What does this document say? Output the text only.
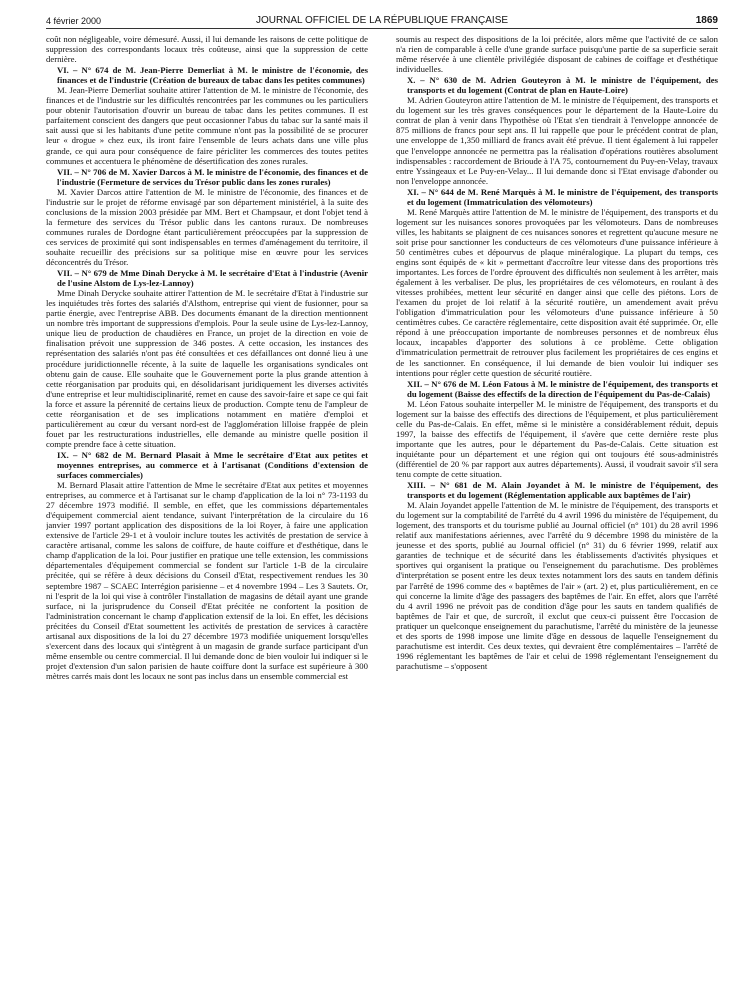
4 février 2000	JOURNAL OFFICIEL DE LA RÉPUBLIQUE FRANÇAISE	1869

coût non négligeable, voire démesuré. Aussi, il lui demande les raisons de cette politique de suppression des correspondants locaux très coûteuse, ainsi que la suppression de cette dernière.

VI. – N° 674 de M. Jean-Pierre Demerliat à M. le ministre de l'économie, des finances et de l'industrie (Création de bureaux de tabac dans les petites communes)

M. Jean-Pierre Demerliat souhaite attirer l'attention de M. le ministre de l'économie, des finances et de l'industrie sur les difficultés rencontrées par les communes ou les particuliers pour obtenir l'autorisation d'ouvrir un bureau de tabac dans les petites communes. Il est parfaitement conscient des dangers que peut occasionner l'abus du tabac sur la santé mais il sait aussi que si les habitants d'une petite commune n'ont pas la possibilité de se procurer leur « drogue » chez eux, ils iront faire l'ensemble de leurs achats dans une ville plus grande, ce qui aura pour conséquence de faire péricliter les commerces des toutes petites communes et accentuera le phénomène de désertification des zones rurales.

VII. – N° 706 de M. Xavier Darcos à M. le ministre de l'économie, des finances et de l'industrie (Fermeture de services du Trésor public dans les zones rurales)

M. Xavier Darcos attire l'attention de M. le ministre de l'économie, des finances et de l'industrie sur le projet de réforme envisagé par son département ministériel, à la suite des conclusions de la mission 2003 présidée par MM. Bert et Champsaur, et dont l'objet tend à la fermeture des services du Trésor public dans les cantons ruraux. De nombreuses communes rurales de Dordogne étant particulièrement préoccupées par la suppression de ces services de proximité qui sont indispensables en termes d'aménagement du territoire, il souhaite recueillir des précisions sur sa politique mise en œuvre pour les services déconcentrés du Trésor.

VII. – N° 679 de Mme Dinah Derycke à M. le secrétaire d'Etat à l'industrie (Avenir de l'usine Alstom de Lys-lez-Lannoy)

Mme Dinah Derycke souhaite attirer l'attention de M. le secrétaire d'Etat à l'industrie sur les inquiétudes très fortes des salariés d'Alsthom, entreprise qui vient de fusionner, pour sa partie énergie, avec l'entreprise ABB. Des documents émanant de la direction mentionnent un nombre très important de suppressions d'emplois. Pour la seule usine de Lys-lez-Lannoy, unique lieu de production de chaudières en France, un projet de la direction en voie de finalisation prévoit une suppression de 346 postes. A cette occasion, les instances des représentation des salariés n'ont pas été consultées et ces défaillances ont donné lieu à une procédure juridictionnelle récente, à la suite de laquelle les organisations syndicales ont obtenu gain de cause. Elle souhaite que le Gouvernement porte la plus grande attention à cette réorganisation par produits qui, en désolidarisant juridiquement les diverses activités d'une entreprise et leur multidisciplinarité, remet en cause des savoir-faire et sape ce qui fait la force et assure la pérennité de certains lieux de production. Compte tenu de l'ampleur de cette réorganisation et de ses implications notamment en matière d'emploi et particulièrement au cœur du versant nord-est de l'agglomération lilloise frappée de plein fouet par les restructurations industrielles, elle demande au ministre quelle position il compte prendre face à cette situation.

IX. – N° 682 de M. Bernard Plasait à Mme le secrétaire d'Etat aux petites et moyennes entreprises, au commerce et à l'artisanat (Conditions d'extension de surfaces commerciales)

M. Bernard Plasait attire l'attention de Mme le secrétaire d'Etat aux petites et moyennes entreprises, au commerce et à l'artisanat sur le champ d'application de la loi n° 73-1193 du 27 décembre 1973 modifié. Il semble, en effet, que les commissions départementales d'équipement commercial aient tendance, suivant l'interprétation de la circulaire du 16 janvier 1997 portant application des dispositions de la loi Royer, à faire une application extensive de l'article 29-1 et à vouloir inclure toutes les activités de prestation de service à caractère artisanal, comme les salons de coiffure, de haute coiffure et d'esthétique, dans le champ d'application de la loi. Pour justifier en pratique une telle extension, les commissions départementales d'équipement commercial se fondent sur l'article 1-B de la circulaire précitée, qui se réfère à deux décisions du Conseil d'Etat, respectivement rendues les 30 septembre 1987 – SCAEC Interrégion parisienne – et 4 novembre 1994 – Les 3 Sautets. Or, ni l'esprit de la loi qui vise à contrôler l'installation de magasins de détail ayant une grande surface, ni la jurisprudence du Conseil d'Etat précitée ne confortent la position de l'administration concernant le champ d'application extensif de la loi. En effet, les décisions précitées du Conseil d'Etat soumettent les activités de prestation de services à caractère artisanal aux dispositions de la loi du 27 décembre 1973 modifiée uniquement lorsqu'elles s'exercent dans des locaux qui s'intègrent à un magasin de grande surface participant d'un même ensemble ou centre commercial. Il lui demande donc de bien vouloir lui indiquer si le projet d'extension d'un salon parisien de haute coiffure dont la surface est supérieure à 300 mètres carrés mais dont les locaux ne sont pas inclus dans un ensemble commercial est

soumis au respect des dispositions de la loi précitée, alors même que l'activité de ce salon n'a rien de comparable à celle d'une grande surface puisqu'une partie de sa superficie serait même réservée à une clientèle privilégiée disposant de cabines de coiffage et d'esthétique individuelles.

X. – N° 630 de M. Adrien Gouteyron à M. le ministre de l'équipement, des transports et du logement (Contrat de plan en Haute-Loire)

M. Adrien Gouteyron attire l'attention de M. le ministre de l'équipement, des transports et du logement sur les très graves conséquences pour le département de la Haute-Loire du contrat de plan à venir dans l'hypothèse où l'Etat s'en tiendrait à l'enveloppe annoncée de 875 millions de francs pour sept ans. Il lui rappelle que pour le précédent contrat de plan, une enveloppe de 1,350 milliard de francs avait été prévue. Il tient également à lui rappeler que l'enveloppe annoncée ne permettra pas la réalisation d'opérations routières absolument indispensables : raccordement de Brioude à l'A 75, contournement du Puy-en-Velay, travaux entre Yssingeaux et Le Puy-en-Velay... Il lui demande donc si l'Etat envisage d'abonder ou non l'enveloppe annoncée.

XI. – N° 644 de M. René Marquès à M. le ministre de l'équipement, des transports et du logement (Immatriculation des vélomoteurs)

M. René Marquès attire l'attention de M. le ministre de l'équipement, des transports et du logement sur les nuisances sonores provoquées par les vélomoteurs. Dans de nombreuses villes, les habitants se plaignent de ces nuisances sonores et regrettent qu'aucune mesure ne soit prise pour sanctionner les conducteurs de ces vélomoteurs d'une puissance inférieure à 50 centimètres cubes et dépourvus de plaque minéralogique. La plupart du temps, ces engins sont équipés de « kit » permettant d'accroître leur vitesse dans des proportions très importantes. Les forces de l'ordre éprouvent des difficultés non seulement à les arrêter, mais également à les verbaliser. De plus, les propriétaires de ces vélomoteurs, en roulant à des vitesses prohibées, mettent leur sécurité en danger ainsi que celle des piétons. Lors de l'examen du projet de loi relatif à la sécurité routière, un amendement avait prévu l'obligation d'immatriculation pour les vélomoteurs d'une puissance inférieure à 50 centimètres cubes. Ce caractère réglementaire, cette disposition avait été supprimée. Or, elle répond à une préoccupation importante de nombreuses personnes et de nombreux élus locaux, incapables d'apporter des solutions à ce problème. Cette obligation d'immatriculation permettrait de retrouver plus facilement les propriétaires de ces engins et de les sanctionner. En conséquence, il lui demande de bien vouloir lui indiquer ses intentions pour régler cette question de sécurité routière.

XII. – N° 676 de M. Léon Fatous à M. le ministre de l'équipement, des transports et du logement (Baisse des effectifs de la direction de l'équipement du Pas-de-Calais)

M. Léon Fatous souhaite interpeller M. le ministre de l'équipement, des transports et du logement sur la baisse des effectifs des directions de l'équipement, et plus particulièrement celle du Pas-de-Calais. En effet, même si le ministère a considérablement réduit, depuis 1997, la baisse des effectifs de l'équipement, il s'avère que cette dernière reste plus importante que les autres, pour le département du Pas-de-Calais. Cette situation est inquiétante pour un département et une région qui ont toujours été sous-administrés (différentiel de 20 % par rapport aux autres départements). Aussi, il voudrait savoir s'il sera tenu compte de cette situation.

XIII. – N° 681 de M. Alain Joyandet à M. le ministre de l'équipement, des transports et du logement (Réglementation applicable aux baptêmes de l'air)

M. Alain Joyandet appelle l'attention de M. le ministre de l'équipement, des transports et du logement sur la comptabilité de l'arrêté du 4 avril 1996 du ministère de l'équipement, du logement, des transports et du tourisme publié au Journal officiel (n° 101) du 28 avril 1996 relatif aux manifestations aériennes, avec l'arrêté du 9 décembre 1998 du ministère de la jeunesse et des sports, publié au Journal officiel (n° 31) du 6 février 1999, relatif aux garanties de technique et de sécurité dans les établissements d'activités physiques et sportives qui organisent la pratique ou l'enseignement du parachutisme. Des problèmes d'interprétation se posent entre les deux textes notamment lors des sauts en tandem définis par l'arrêté de 1996 comme des « baptêmes de l'air » (art. 2) et, plus particulièrement, en ce qui concerne la limite d'âge des passagers des baptêmes de l'air. En effet, alors que l'arrêté du 4 avril 1996 ne prévoit pas de condition d'âge pour les sauts en tandem qualifiés de baptêmes de l'air et que, de surcroît, il exclut que ceux-ci puissent être l'occasion de pratiquer un quelconque enseignement du parachutisme, l'arrêté du ministère de la jeunesse et des sports de 1998 impose une limite d'âge en dessous de laquelle l'enseignement du parachutisme est interdit. Ces deux textes, qui devraient être complémentaires – l'arrêté de 1996 réglementant les baptêmes de l'air et celui de 1998 réglementant l'enseignement du parachutisme – s'opposent
